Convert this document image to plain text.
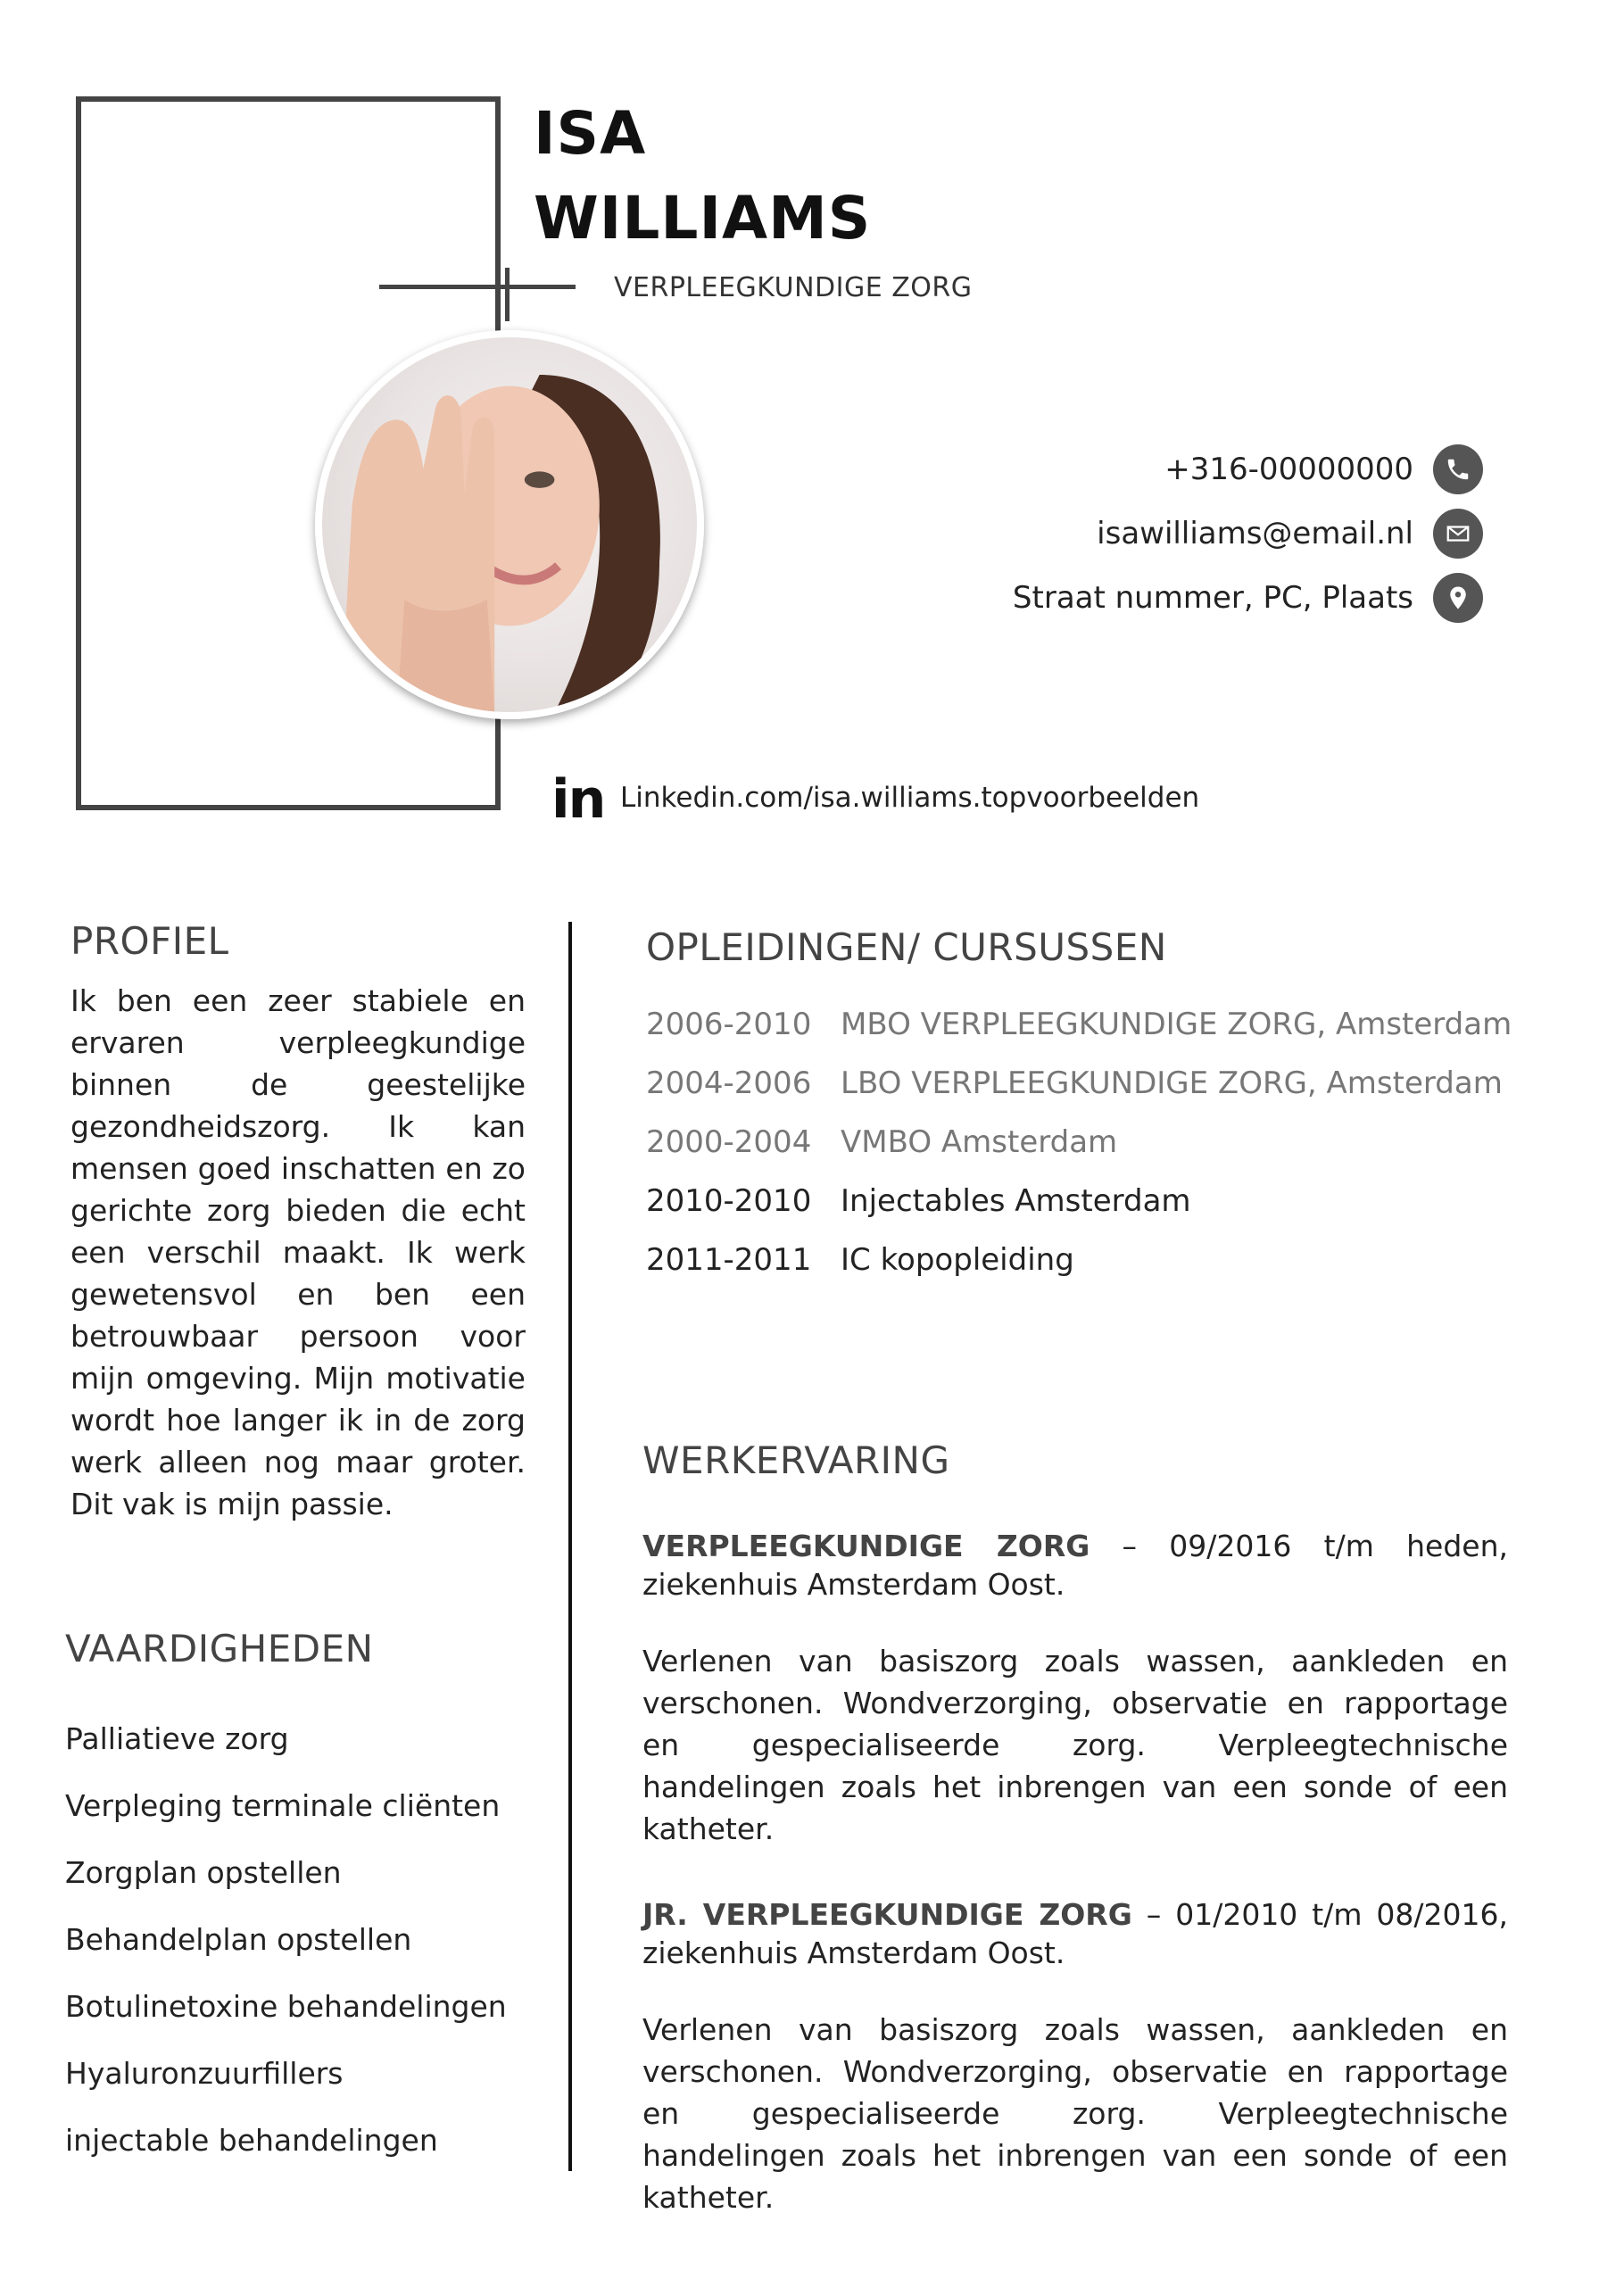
ISA
WILLIAMS
VERPLEEGKUNDIGE ZORG
+316-00000000
isawilliams@email.nl
Straat nummer, PC, Plaats
in Linkedin.com/isa.williams.topvoorbeelden
PROFIEL
Ik ben een zeer stabiele en ervaren verpleegkundige binnen de geestelijke gezondheidszorg. Ik kan mensen goed inschatten en zo gerichte zorg bieden die echt een verschil maakt. Ik werk gewetensvol en ben een betrouwbaar persoon voor mijn omgeving. Mijn motivatie wordt hoe langer ik in de zorg werk alleen nog maar groter. Dit vak is mijn passie.
VAARDIGHEDEN
Palliatieve zorg
Verpleging terminale cliënten
Zorgplan opstellen
Behandelplan opstellen
Botulinetoxine behandelingen
Hyaluronzuurfillers
injectable behandelingen
OPLEIDINGEN/ CURSUSSEN
2006-2010 MBO VERPLEEGKUNDIGE ZORG, Amsterdam
2004-2006 LBO VERPLEEGKUNDIGE ZORG, Amsterdam
2000-2004 VMBO Amsterdam
2010-2010 Injectables Amsterdam
2011-2011 IC kopopleiding
WERKERVARING
VERPLEEGKUNDIGE ZORG – 09/2016 t/m heden, ziekenhuis Amsterdam Oost.
Verlenen van basiszorg zoals wassen, aankleden en verschonen. Wondverzorging, observatie en rapportage en gespecialiseerde zorg. Verpleegtechnische handelingen zoals het inbrengen van een sonde of een katheter.
JR. VERPLEEGKUNDIGE ZORG – 01/2010 t/m 08/2016, ziekenhuis Amsterdam Oost.
Verlenen van basiszorg zoals wassen, aankleden en verschonen. Wondverzorging, observatie en rapportage en gespecialiseerde zorg. Verpleegtechnische handelingen zoals het inbrengen van een sonde of een katheter.
